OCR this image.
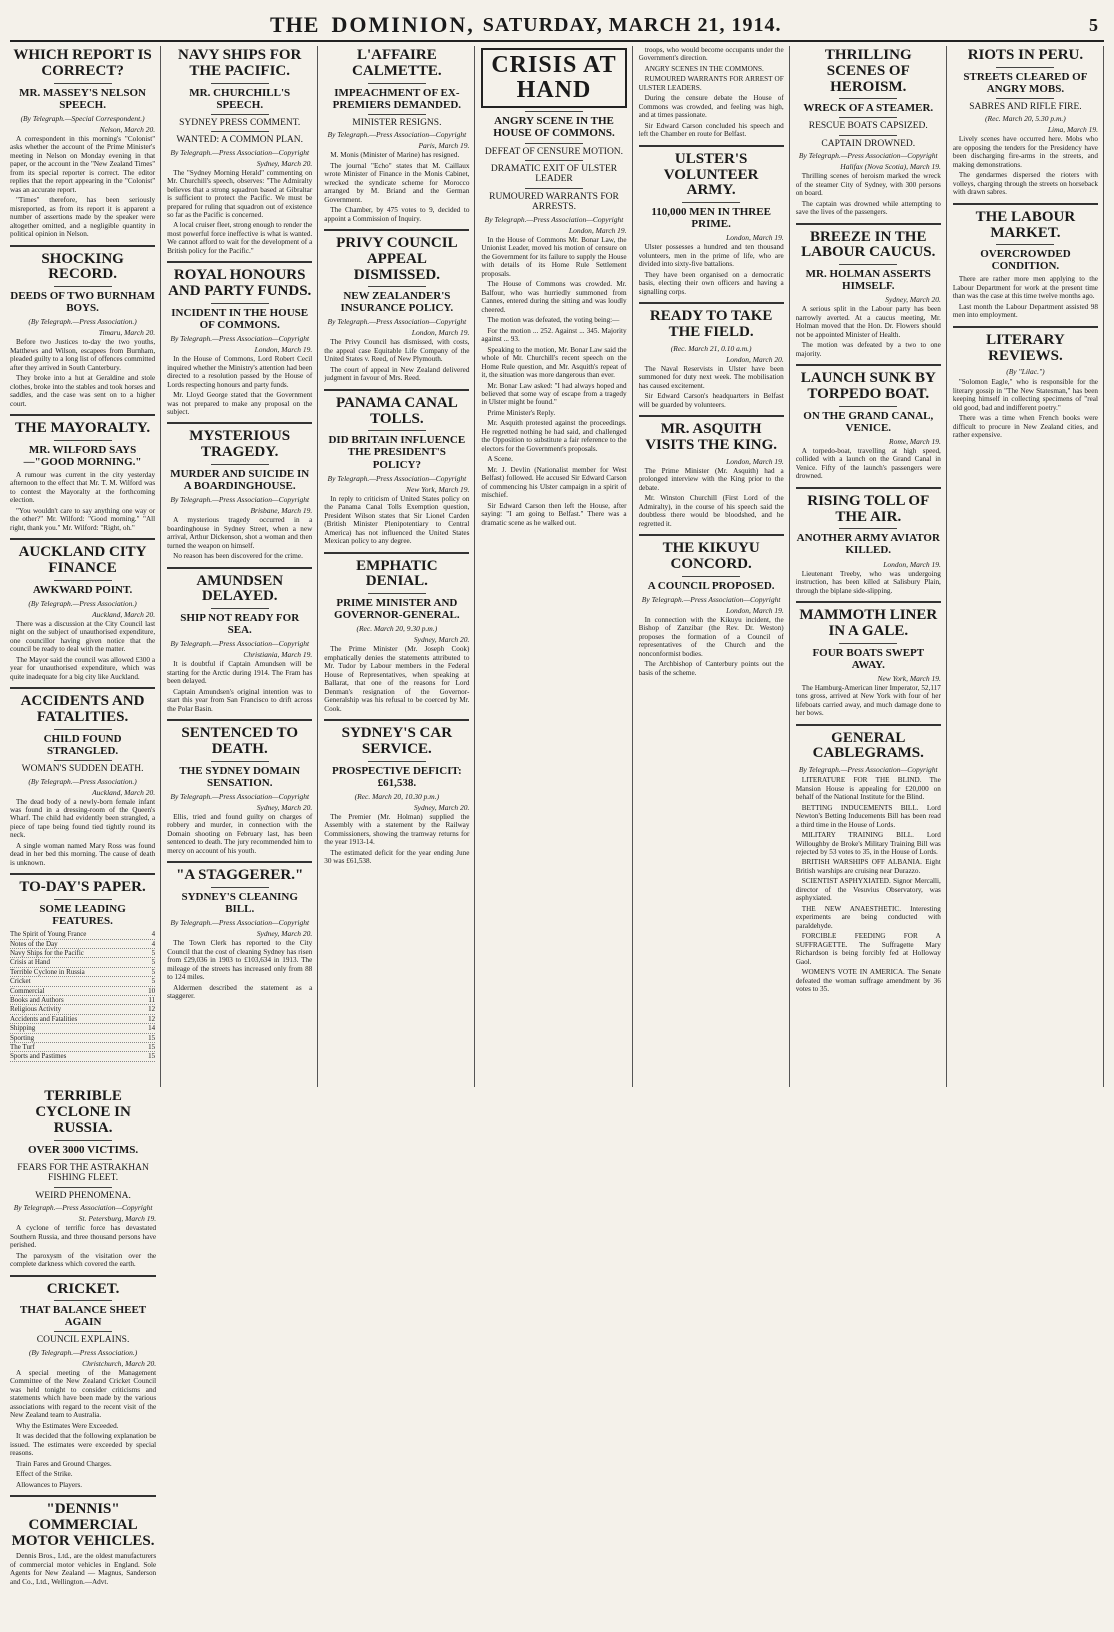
THE DOMINION, SATURDAY, MARCH 21, 1914.	5
WHICH REPORT IS CORRECT?
MR. MASSEY'S NELSON SPEECH.
(By Telegraph.—Special Correspondent.)
Nelson, March 20.

A correspondent in this morning's "Colonist" asks whether the account of the Prime Minister's meeting in Nelson on Monday evening in that paper, or the account in the "New Zealand Times" from its special reporter is correct. The editor replies that the report appearing in the "Colonist" was an accurate report.

"Times" therefore, has been seriously misreported, as from its report it is apparent a number of assertions made by the speaker were altogether omitted, and a negligible quantity in political opinion in Nelson.

SHOCKING RECORD.
DEEDS OF TWO BURNHAM BOYS.
(By Telegraph.—Press Association.)
Timaru, March 20.

Before two Justices to-day the two youths, Matthews and Wilson, escapees from Burnham, pleaded guilty to a long list of offences committed after they arrived in South Canterbury.

They broke into a hut at Geraldine and stole clothes, broke into the stables and took horses and saddles, and the case was sent on to a higher court.

THE MAYORALTY.
MR. WILFORD SAYS—"GOOD MORNING."

A rumour was current in the city yesterday afternoon to the effect that Mr. T. M. Wilford was to contest the Mayoralty at the forthcoming election.

"You wouldn't care to say anything one way or the other?" Mr. Wilford: "Good morning." "All right, thank you." Mr. Wilford: "Right, oh."

AUCKLAND CITY FINANCE
AWKWARD POINT.
(By Telegraph.—Press Association.)
Auckland, March 20.

There was a discussion at the City Council last night on the subject of unauthorised expenditure, one councillor having given notice that the council be ready to deal with the matter.

The Mayor said the council was allowed £300 a year for unauthorised expenditure, which was quite inadequate for a big city like Auckland.

ACCIDENTS AND FATALITIES.
CHILD FOUND STRANGLED.
WOMAN'S SUDDEN DEATH.
(By Telegraph.—Press Association.)
Auckland, March 20.

The dead body of a newly-born female infant was found in a dressing-room of the Queen's Wharf. The child had evidently been strangled, a piece of tape being found tied tightly round its neck.

A single woman named Mary Ross was found dead in her bed this morning. The cause of death is unknown.

TO-DAY'S PAPER.
SOME LEADING FEATURES.
The Spirit of Young France	4
Notes of the Day	4
Navy Ships for the Pacific	5
Crisis at Hand	5
Terrible Cyclone in Russia	5
Cricket	5
Commercial	10
Books and Authors	11
Religious Activity	12
Accidents and Fatalities	12
Shipping	14
Sporting	15
The Turf	15
Sports and Pastimes	15
NAVY SHIPS FOR THE PACIFIC.
MR. CHURCHILL'S SPEECH.
SYDNEY PRESS COMMENT.
WANTED: A COMMON PLAN.
By Telegraph.—Press Association—Copyright
Sydney, March 20.

The "Sydney Morning Herald" commenting on Mr. Churchill's speech, observes: "The Admiralty believes that a strong squadron based at Gibraltar is sufficient to protect the Pacific. We must be prepared for ruling that squadron out of existence so far as the Pacific is concerned.

A local cruiser fleet, strong enough to render the most powerful force ineffective is what is wanted. We cannot afford to wait for the development of a British policy for the Pacific."

ROYAL HONOURS AND PARTY FUNDS.
INCIDENT IN THE HOUSE OF COMMONS.
By Telegraph.—Press Association—Copyright
London, March 19.

In the House of Commons, Lord Robert Cecil inquired whether the Ministry's attention had been directed to a resolution passed by the House of Lords respecting honours and party funds.

Mr. Lloyd George stated that the Government was not prepared to make any proposal on the subject.

MYSTERIOUS TRAGEDY.
MURDER AND SUICIDE IN A BOARDINGHOUSE.
By Telegraph.—Press Association—Copyright
Brisbane, March 19.

A mysterious tragedy occurred in a boardinghouse in Sydney Street, when a new arrival, Arthur Dickenson, shot a woman and then turned the weapon on himself.

No reason has been discovered for the crime.

AMUNDSEN DELAYED.
SHIP NOT READY FOR SEA.
By Telegraph.—Press Association—Copyright
Christiania, March 19.

It is doubtful if Captain Amundsen will be starting for the Arctic during 1914. The Fram has been delayed.

Captain Amundsen's original intention was to start this year from San Francisco to drift across the Polar Basin.

SENTENCED TO DEATH.
THE SYDNEY DOMAIN SENSATION.
By Telegraph.—Press Association—Copyright
Sydney, March 20.

Ellis, tried and found guilty on charges of robbery and murder, in connection with the Domain shooting on February last, has been sentenced to death. The jury recommended him to mercy on account of his youth.

"A STAGGERER."
SYDNEY'S CLEANING BILL.
By Telegraph.—Press Association—Copyright
Sydney, March 20.

The Town Clerk has reported to the City Council that the cost of cleaning Sydney has risen from £29,036 in 1903 to £103,634 in 1913. The mileage of the streets has increased only from 88 to 124 miles.

Aldermen described the statement as a staggerer.

L'AFFAIRE CALMETTE.
IMPEACHMENT OF EX-PREMIERS DEMANDED.
MINISTER RESIGNS.
By Telegraph.—Press Association—Copyright
Paris, March 19.

M. Monis (Minister of Marine) has resigned.

The journal "Echo" states that M. Caillaux wrote Minister of Finance in the Monis Cabinet, wrecked the syndicate scheme for Morocco arranged by M. Briand and the German Government.

The Chamber, by 475 votes to 9, decided to appoint a Commission of Inquiry.

PRIVY COUNCIL APPEAL DISMISSED.
NEW ZEALANDER'S INSURANCE POLICY.
By Telegraph.—Press Association—Copyright
London, March 19.

The Privy Council has dismissed, with costs, the appeal case Equitable Life Company of the United States v. Reed, of New Plymouth.

The court of appeal in New Zealand delivered judgment in favour of Mrs. Reed.

PANAMA CANAL TOLLS.
DID BRITAIN INFLUENCE THE PRESIDENT'S POLICY?
By Telegraph.—Press Association—Copyright
New York, March 19.

In reply to criticism of United States policy on the Panama Canal Tolls Exemption question, President Wilson states that Sir Lionel Carden (British Minister Plenipotentiary to Central America) has not influenced the United States Mexican policy to any degree.

EMPHATIC DENIAL.
PRIME MINISTER AND GOVERNOR-GENERAL.
(Rec. March 20, 9.30 p.m.)
Sydney, March 20.

The Prime Minister (Mr. Joseph Cook) emphatically denies the statements attributed to Mr. Tudor by Labour members in the Federal House of Representatives, when speaking at Ballarat, that one of the reasons for Lord Denman's resignation of the Governor-Generalship was his refusal to be coerced by Mr. Cook.

SYDNEY'S CAR SERVICE.
PROSPECTIVE DEFICIT: £61,538.
(Rec. March 20, 10.30 p.m.)
Sydney, March 20.

The Premier (Mr. Holman) supplied the Assembly with a statement by the Railway Commissioners, showing the tramway returns for the year 1913-14.

The estimated deficit for the year ending June 30 was £61,538.

CRISIS AT HAND
ANGRY SCENE IN THE HOUSE OF COMMONS.
DEFEAT OF CENSURE MOTION.
DRAMATIC EXIT OF ULSTER LEADER
RUMOURED WARRANTS FOR ARRESTS.
By Telegraph.—Press Association—Copyright
London, March 19.

In the House of Commons Mr. Bonar Law, the Unionist Leader, moved his motion of censure on the Government for its failure to supply the House with details of its Home Rule Settlement proposals.

The House of Commons was crowded. Mr. Balfour, who was hurriedly summoned from Cannes, entered during the sitting and was loudly cheered.

The motion was defeated, the voting being:—

For the motion ... 252. Against ... 345. Majority against ... 93.

Speaking to the motion, Mr. Bonar Law said the whole of Mr. Churchill's recent speech on the Home Rule question, and Mr. Asquith's repeat of it, the situation was more dangerous than ever.

Mr. Bonar Law asked: "I had always hoped and believed that some way of escape from a tragedy in Ulster might be found."

Prime Minister's Reply.

Mr. Asquith protested against the proceedings. He regretted nothing he had said, and challenged the Opposition to substitute a fair reference to the electors for the Government's proposals.

A Scene.

Mr. J. Devlin (Nationalist member for West Belfast) followed. He accused Sir Edward Carson of commencing his Ulster campaign in a spirit of mischief.

Sir Edward Carson then left the House, after saying: "I am going to Belfast." There was a dramatic scene as he walked out.

troops, who would become occupants under the Government's direction.

ANGRY SCENES IN THE COMMONS.

RUMOURED WARRANTS FOR ARREST OF ULSTER LEADERS.

During the censure debate the House of Commons was crowded, and feeling was high, and at times passionate.

Sir Edward Carson concluded his speech and left the Chamber en route for Belfast.

ULSTER'S VOLUNTEER ARMY.
110,000 MEN IN THREE PRIME.
London, March 19.

Ulster possesses a hundred and ten thousand volunteers, men in the prime of life, who are divided into sixty-five battalions.

They have been organised on a democratic basis, electing their own officers and having a signalling corps.

READY TO TAKE THE FIELD.
(Rec. March 21, 0.10 a.m.)
London, March 20.

The Naval Reservists in Ulster have been summoned for duty next week. The mobilisation has caused excitement.

Sir Edward Carson's headquarters in Belfast will be guarded by volunteers.

MR. ASQUITH VISITS THE KING.
London, March 19.

The Prime Minister (Mr. Asquith) had a prolonged interview with the King prior to the debate.

Mr. Winston Churchill (First Lord of the Admiralty), in the course of his speech said the doubtless there would be bloodshed, and he regretted it.

THE KIKUYU CONCORD.
A COUNCIL PROPOSED.
By Telegraph.—Press Association—Copyright
London, March 19.

In connection with the Kikuyu incident, the Bishop of Zanzibar (the Rev. Dr. Weston) proposes the formation of a Council of representatives of the Church and the nonconformist bodies.

The Archbishop of Canterbury points out the basis of the scheme.

THRILLING SCENES OF HEROISM.
WRECK OF A STEAMER.
RESCUE BOATS CAPSIZED.
CAPTAIN DROWNED.
By Telegraph.—Press Association—Copyright
Halifax (Nova Scotia), March 19.

Thrilling scenes of heroism marked the wreck of the steamer City of Sydney, with 300 persons on board.

The captain was drowned while attempting to save the lives of the passengers.

BREEZE IN THE LABOUR CAUCUS.
MR. HOLMAN ASSERTS HIMSELF.
Sydney, March 20.

A serious split in the Labour party has been narrowly averted. At a caucus meeting, Mr. Holman moved that the Hon. Dr. Flowers should not be appointed Minister of Health.

The motion was defeated by a two to one majority.

LAUNCH SUNK BY TORPEDO BOAT.
ON THE GRAND CANAL, VENICE.
Rome, March 19.

A torpedo-boat, travelling at high speed, collided with a launch on the Grand Canal in Venice. Fifty of the launch's passengers were drowned.

RISING TOLL OF THE AIR.
ANOTHER ARMY AVIATOR KILLED.
London, March 19.

Lieutenant Treeby, who was undergoing instruction, has been killed at Salisbury Plain, through the biplane side-slipping.

MAMMOTH LINER IN A GALE.
FOUR BOATS SWEPT AWAY.
New York, March 19.

The Hamburg-American liner Imperator, 52,117 tons gross, arrived at New York with four of her lifeboats carried away, and much damage done to her bows.

GENERAL CABLEGRAMS.
By Telegraph.—Press Association—Copyright

LITERATURE FOR THE BLIND. The Mansion House is appealing for £20,000 on behalf of the National Institute for the Blind.

BETTING INDUCEMENTS BILL. Lord Newton's Betting Inducements Bill has been read a third time in the House of Lords.

MILITARY TRAINING BILL. Lord Willoughby de Broke's Military Training Bill was rejected by 53 votes to 35, in the House of Lords.

BRITISH WARSHIPS OFF ALBANIA. Eight British warships are cruising near Durazzo.

SCIENTIST ASPHYXIATED. Signor Mercalli, director of the Vesuvius Observatory, was asphyxiated.

THE NEW ANAESTHETIC. Interesting experiments are being conducted with paraldehyde.

FORCIBLE FEEDING FOR A SUFFRAGETTE. The Suffragette Mary Richardson is being forcibly fed at Holloway Gaol.

WOMEN'S VOTE IN AMERICA. The Senate defeated the woman suffrage amendment by 36 votes to 35.

RIOTS IN PERU.
STREETS CLEARED OF ANGRY MOBS.
SABRES AND RIFLE FIRE.
(Rec. March 20, 5.30 p.m.)
Lima, March 19.

Lively scenes have occurred here. Mobs who are opposing the tenders for the Presidency have been discharging fire-arms in the streets, and making demonstrations.

The gendarmes dispersed the rioters with volleys, charging through the streets on horseback with drawn sabres.

THE LABOUR MARKET.
OVERCROWDED CONDITION.

There are rather more men applying to the Labour Department for work at the present time than was the case at this time twelve months ago.

Last month the Labour Department assisted 98 men into employment.

LITERARY REVIEWS.
(By "Lilac.")

"Solomon Eagle," who is responsible for the literary gossip in "The New Statesman," has been keeping himself in collecting specimens of "real old good, bad and indifferent poetry."

There was a time when French books were difficult to procure in New Zealand cities, and rather expensive.

TERRIBLE CYCLONE IN RUSSIA.
OVER 3000 VICTIMS.
FEARS FOR THE ASTRAKHAN FISHING FLEET.
WEIRD PHENOMENA.
By Telegraph.—Press Association—Copyright
St. Petersburg, March 19.

A cyclone of terrific force has devastated Southern Russia, and three thousand persons have perished.

The paroxysm of the visitation over the complete darkness which covered the earth.

CRICKET.
THAT BALANCE SHEET AGAIN
COUNCIL EXPLAINS.
(By Telegraph.—Press Association.)
Christchurch, March 20.

A special meeting of the Management Committee of the New Zealand Cricket Council was held tonight to consider criticisms and statements which have been made by the various associations with regard to the recent visit of the New Zealand team to Australia.

Why the Estimates Were Exceeded.

It was decided that the following explanation be issued. The estimates were exceeded by special reasons.

Train Fares and Ground Charges.

Effect of the Strike.

Allowances to Players.

"DENNIS" COMMERCIAL MOTOR VEHICLES.

Dennis Bros., Ltd., are the oldest manufacturers of commercial motor vehicles in England. Sole Agents for New Zealand — Magnus, Sanderson and Co., Ltd., Wellington.—Advt.
